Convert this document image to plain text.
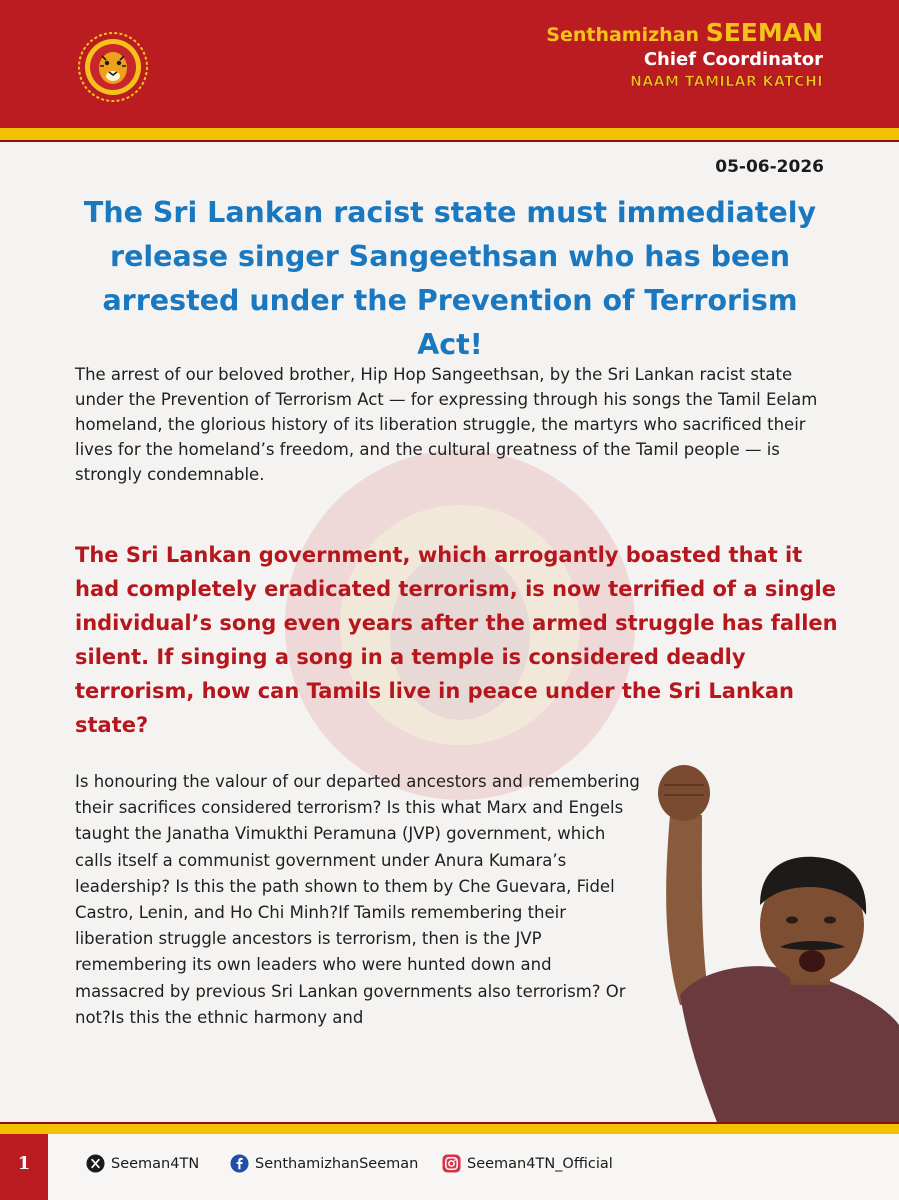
Senthamizhan SEEMAN
Chief Coordinator
NAAM TAMILAR KATCHI
05-06-2026
The Sri Lankan racist state must immediately release singer Sangeethsan who has been arrested under the Prevention of Terrorism Act!
The arrest of our beloved brother, Hip Hop Sangeethsan, by the Sri Lankan racist state under the Prevention of Terrorism Act — for expressing through his songs the Tamil Eelam homeland, the glorious history of its liberation struggle, the martyrs who sacrificed their lives for the homeland’s freedom, and the cultural greatness of the Tamil people — is strongly condemnable.
The Sri Lankan government, which arrogantly boasted that it had completely eradicated terrorism, is now terrified of a single individual’s song even years after the armed struggle has fallen silent. If singing a song in a temple is considered deadly terrorism, how can Tamils live in peace under the Sri Lankan state?
Is honouring the valour of our departed ancestors and remembering their sacrifices considered terrorism? Is this what Marx and Engels taught the Janatha Vimukthi Peramuna (JVP) government, which calls itself a communist government under Anura Kumara’s leadership? Is this the path shown to them by Che Guevara, Fidel Castro, Lenin, and Ho Chi Minh?If Tamils remembering their liberation struggle ancestors is terrorism, then is the JVP remembering its own leaders who were hunted down and massacred by previous Sri Lankan governments also terrorism? Or not?Is this the ethnic harmony and
1	Seeman4TN	SenthamizhanSeeman	Seeman4TN_Official
